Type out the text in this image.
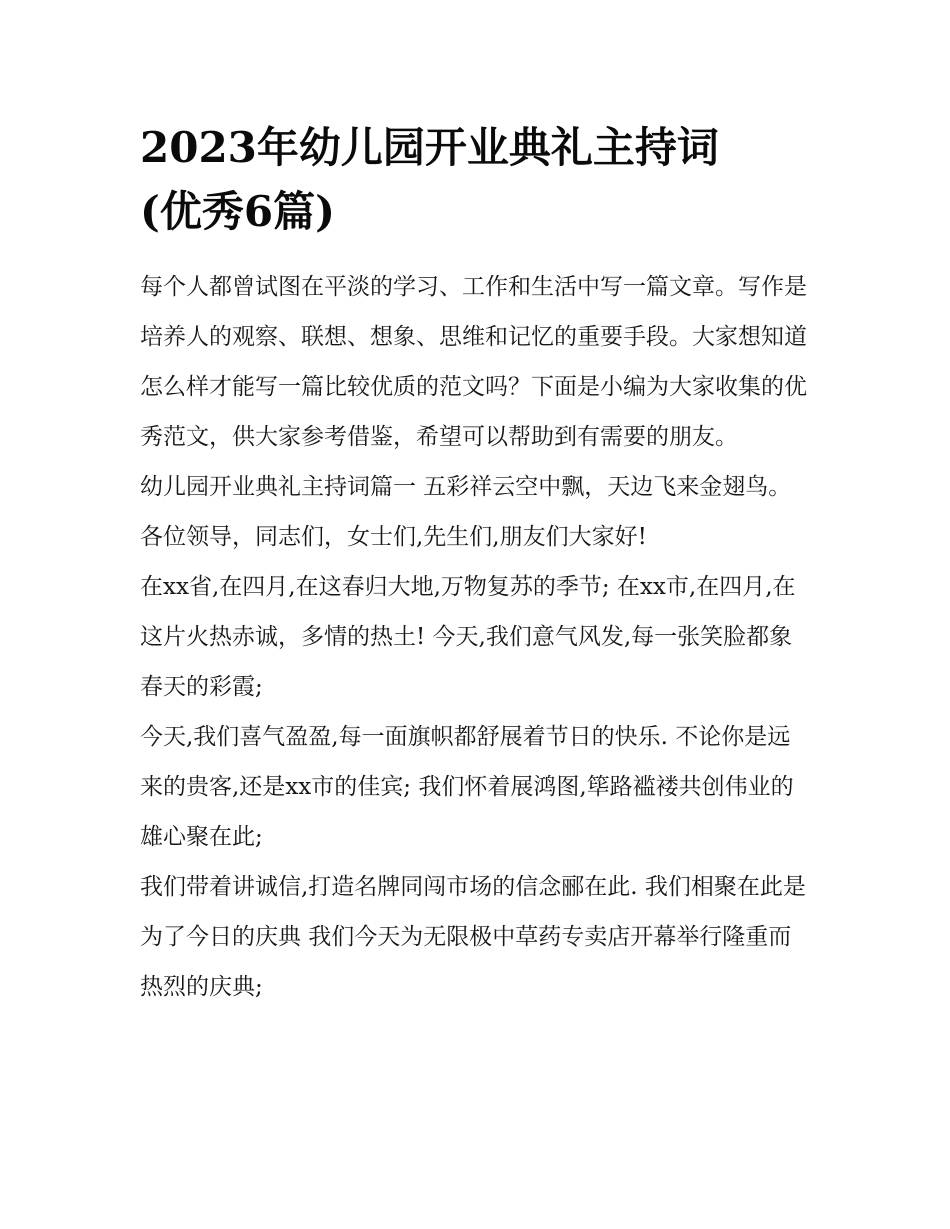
2023年幼儿园开业典礼主持词
(优秀6篇)

每个人都曾试图在平淡的学习、工作和生活中写一篇文章。写作是培养人的观察、联想、想象、思维和记忆的重要手段。大家想知道怎么样才能写一篇比较优质的范文吗？下面是小编为大家收集的优秀范文，供大家参考借鉴，希望可以帮助到有需要的朋友。

幼儿园开业典礼主持词篇一 五彩祥云空中飘，天边飞来金翅鸟。 各位领导，同志们，女士们,先生们,朋友们大家好!

在xx省,在四月,在这春归大地,万物复苏的季节; 在xx市,在四月,在这片火热赤诚，多情的热土! 今天,我们意气风发,每一张笑脸都象春天的彩霞;

今天,我们喜气盈盈,每一面旗帜都舒展着节日的快乐. 不论你是远来的贵客,还是xx市的佳宾; 我们怀着展鸿图,筚路褴褛共创伟业的雄心聚在此;

我们带着讲诚信,打造名牌同闯市场的信念郦在此. 我们相聚在此是为了今日的庆典 我们今天为无限极中草药专卖店开幕举行隆重而热烈的庆典;
